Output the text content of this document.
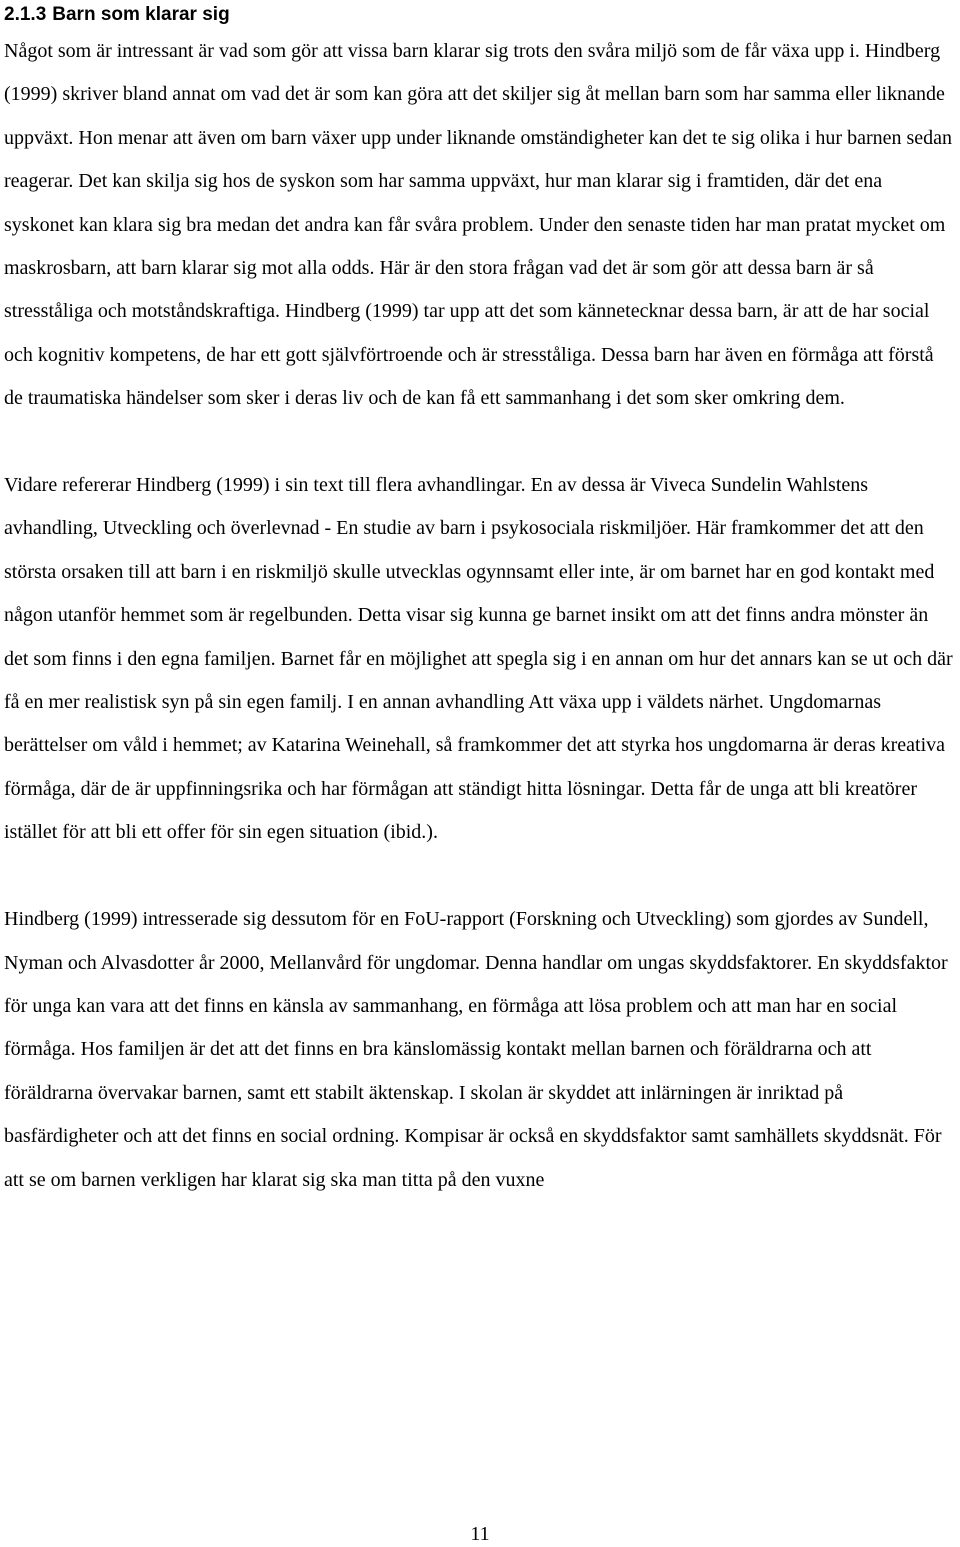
2.1.3 Barn som klarar sig

Något som är intressant är vad som gör att vissa barn klarar sig trots den svåra miljö som de får växa upp i. Hindberg (1999) skriver bland annat om vad det är som kan göra att det skiljer sig åt mellan barn som har samma eller liknande uppväxt. Hon menar att även om barn växer upp under liknande omständigheter kan det te sig olika i hur barnen sedan reagerar. Det kan skilja sig hos de syskon som har samma uppväxt, hur man klarar sig i framtiden, där det ena syskonet kan klara sig bra medan det andra kan får svåra problem. Under den senaste tiden har man pratat mycket om maskrosbarn, att barn klarar sig mot alla odds. Här är den stora frågan vad det är som gör att dessa barn är så stresståliga och motståndskraftiga. Hindberg (1999) tar upp att det som kännetecknar dessa barn, är att de har social och kognitiv kompetens, de har ett gott självförtroende och är stresståliga. Dessa barn har även en förmåga att förstå de traumatiska händelser som sker i deras liv och de kan få ett sammanhang i det som sker omkring dem.

Vidare refererar Hindberg (1999) i sin text till flera avhandlingar. En av dessa är Viveca Sundelin Wahlstens avhandling, Utveckling och överlevnad - En studie av barn i psykosociala riskmiljöer. Här framkommer det att den största orsaken till att barn i en riskmiljö skulle utvecklas ogynnsamt eller inte, är om barnet har en god kontakt med någon utanför hemmet som är regelbunden. Detta visar sig kunna ge barnet insikt om att det finns andra mönster än det som finns i den egna familjen. Barnet får en möjlighet att spegla sig i en annan om hur det annars kan se ut och där få en mer realistisk syn på sin egen familj. I en annan avhandling Att växa upp i väldets närhet. Ungdomarnas berättelser om våld i hemmet; av Katarina Weinehall, så framkommer det att styrka hos ungdomarna är deras kreativa förmåga, där de är uppfinningsrika och har förmågan att ständigt hitta lösningar. Detta får de unga att bli kreatörer istället för att bli ett offer för sin egen situation (ibid.).

Hindberg (1999) intresserade sig dessutom för en FoU-rapport (Forskning och Utveckling) som gjordes av Sundell, Nyman och Alvasdotter år 2000, Mellanvård för ungdomar. Denna handlar om ungas skyddsfaktorer. En skyddsfaktor för unga kan vara att det finns en känsla av sammanhang, en förmåga att lösa problem och att man har en social förmåga. Hos familjen är det att det finns en bra känslomässig kontakt mellan barnen och föräldrarna och att föräldrarna övervakar barnen, samt ett stabilt äktenskap. I skolan är skyddet att inlärningen är inriktad på basfärdigheter och att det finns en social ordning. Kompisar är också en skyddsfaktor samt samhällets skyddsnät. För att se om barnen verkligen har klarat sig ska man titta på den vuxne

11
